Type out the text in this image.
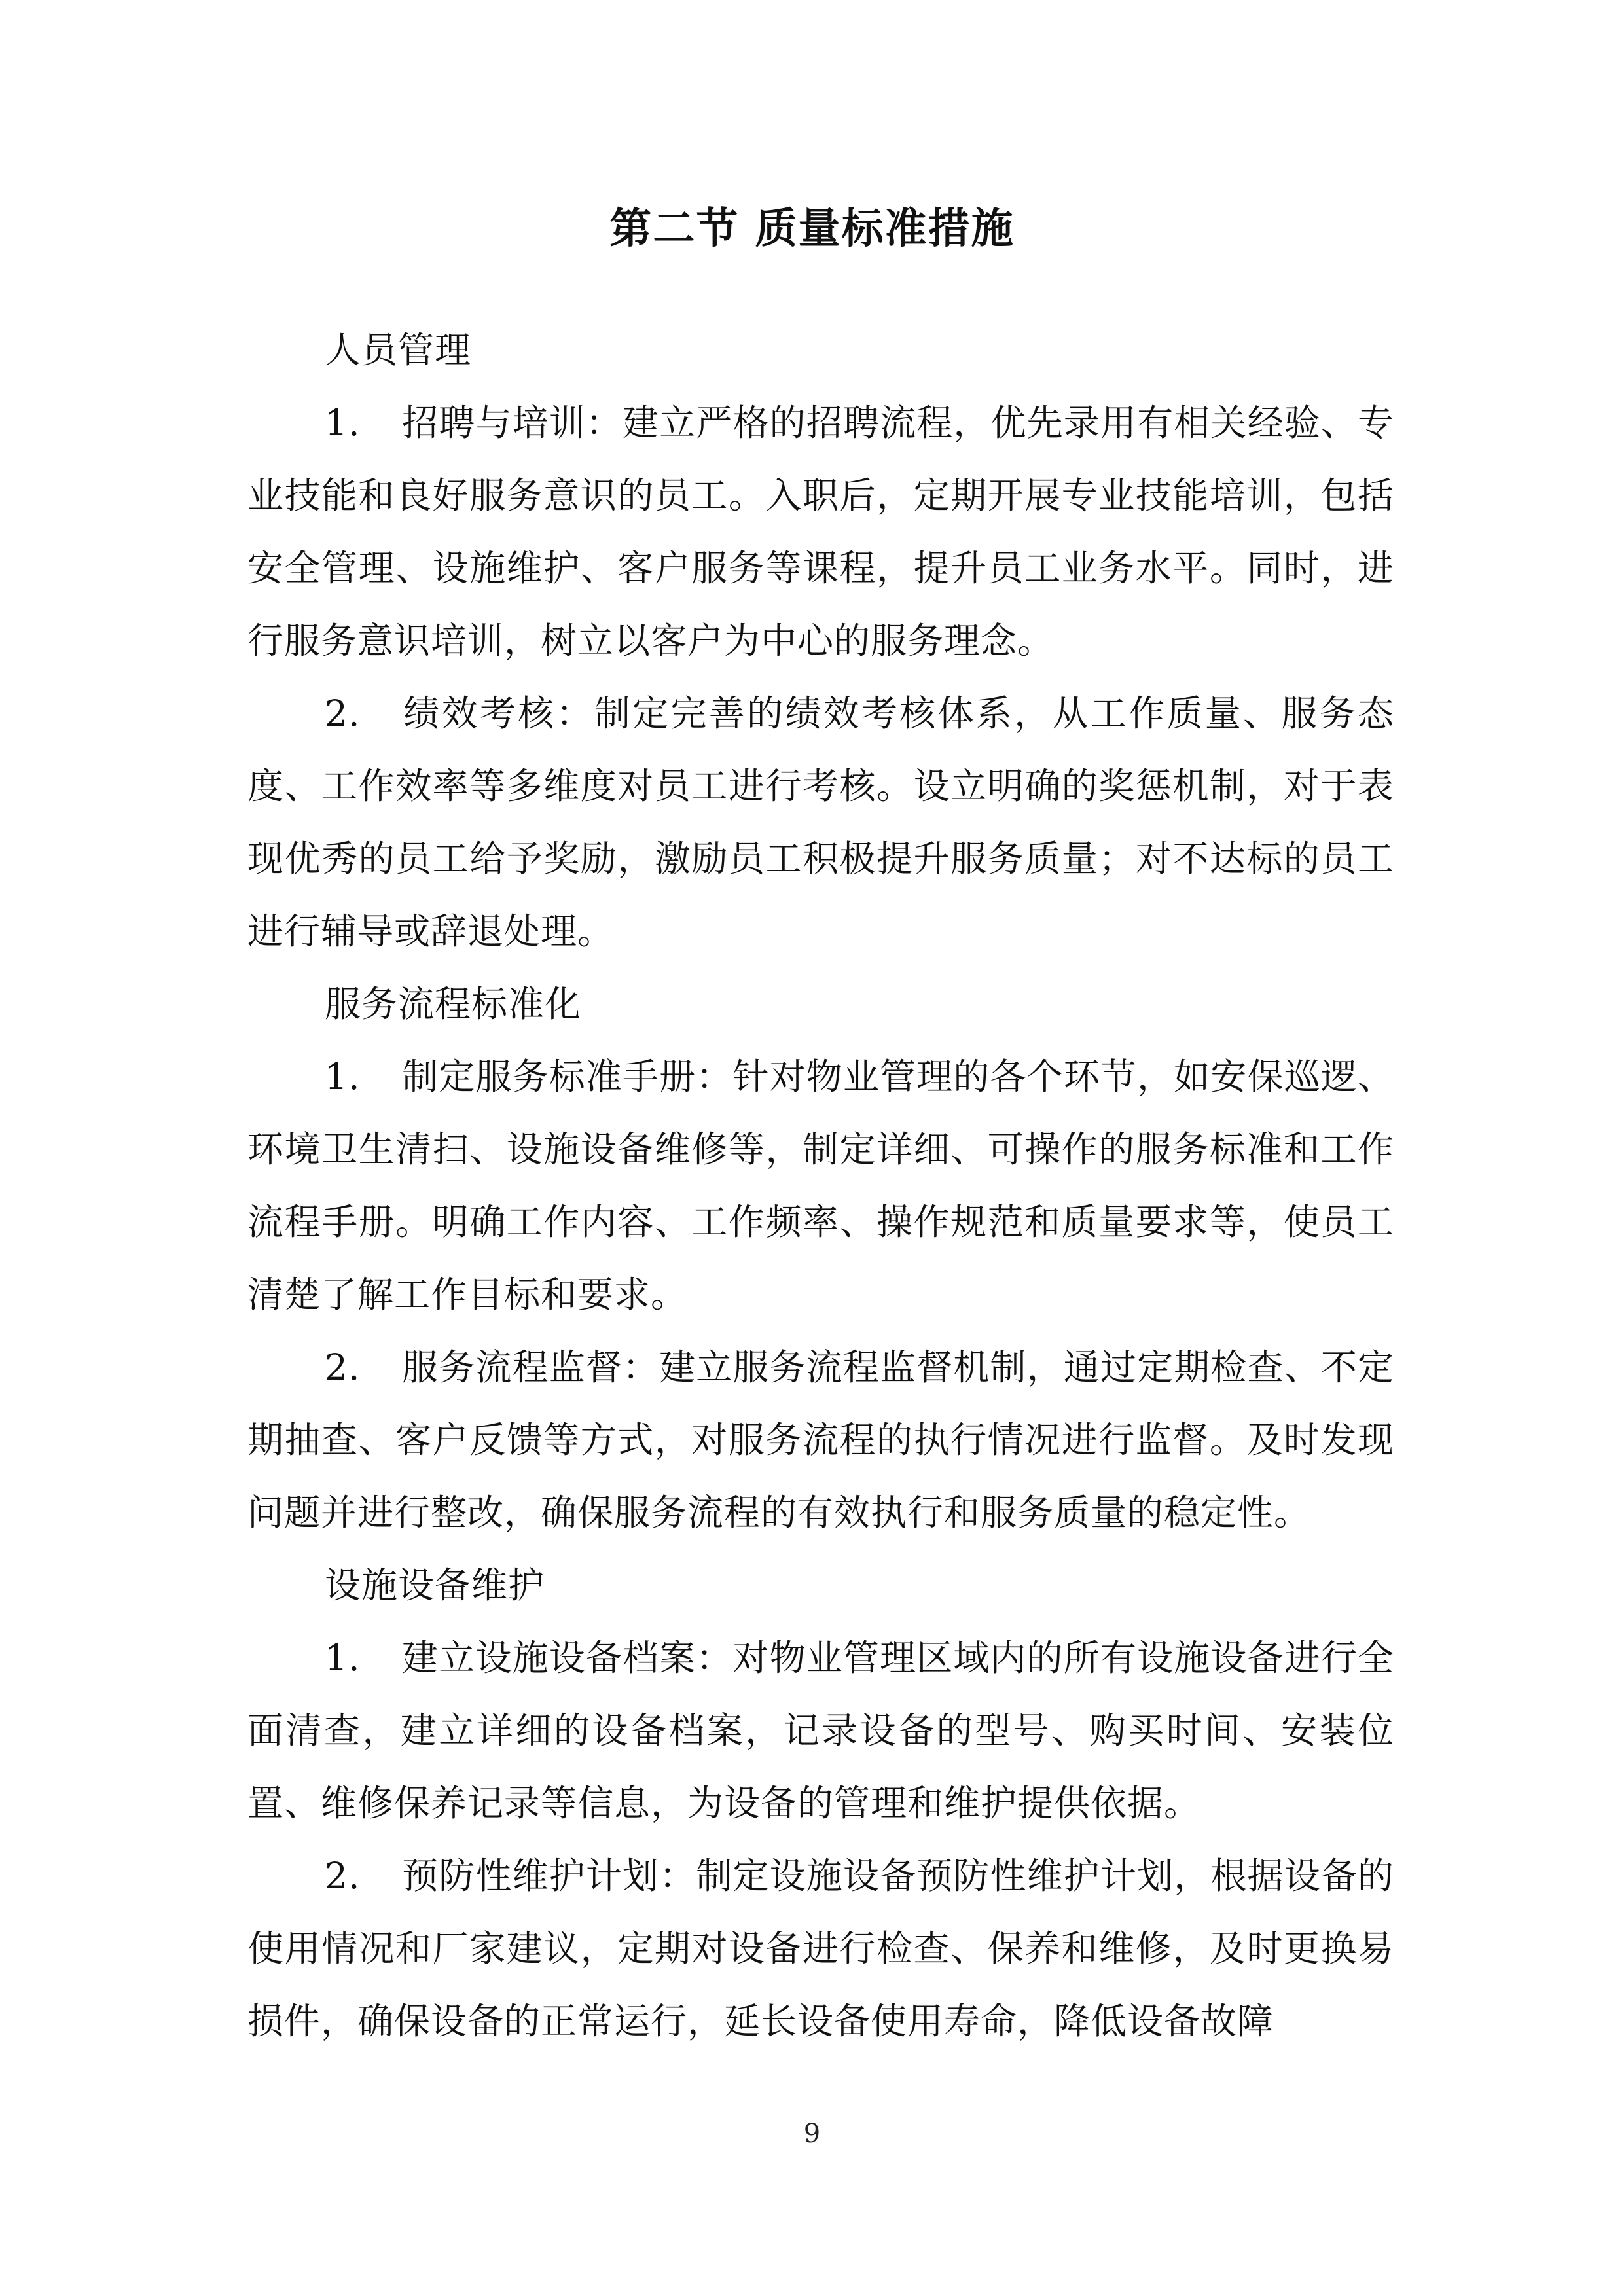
第二节 质量标准措施

人员管理

1. 招聘与培训：建立严格的招聘流程，优先录用有相关经验、专业技能和良好服务意识的员工。入职后，定期开展专业技能培训，包括安全管理、设施维护、客户服务等课程，提升员工业务水平。同时，进行服务意识培训，树立以客户为中心的服务理念。

2. 绩效考核：制定完善的绩效考核体系，从工作质量、服务态度、工作效率等多维度对员工进行考核。设立明确的奖惩机制，对于表现优秀的员工给予奖励，激励员工积极提升服务质量；对不达标的员工进行辅导或辞退处理。

服务流程标准化

1. 制定服务标准手册：针对物业管理的各个环节，如安保巡逻、环境卫生清扫、设施设备维修等，制定详细、可操作的服务标准和工作流程手册。明确工作内容、工作频率、操作规范和质量要求等，使员工清楚了解工作目标和要求。

2. 服务流程监督：建立服务流程监督机制，通过定期检查、不定期抽查、客户反馈等方式，对服务流程的执行情况进行监督。及时发现问题并进行整改，确保服务流程的有效执行和服务质量的稳定性。

设施设备维护

1. 建立设施设备档案：对物业管理区域内的所有设施设备进行全面清查，建立详细的设备档案，记录设备的型号、购买时间、安装位置、维修保养记录等信息，为设备的管理和维护提供依据。

2. 预防性维护计划：制定设施设备预防性维护计划，根据设备的使用情况和厂家建议，定期对设备进行检查、保养和维修，及时更换易损件，确保设备的正常运行，延长设备使用寿命，降低设备故障

9
